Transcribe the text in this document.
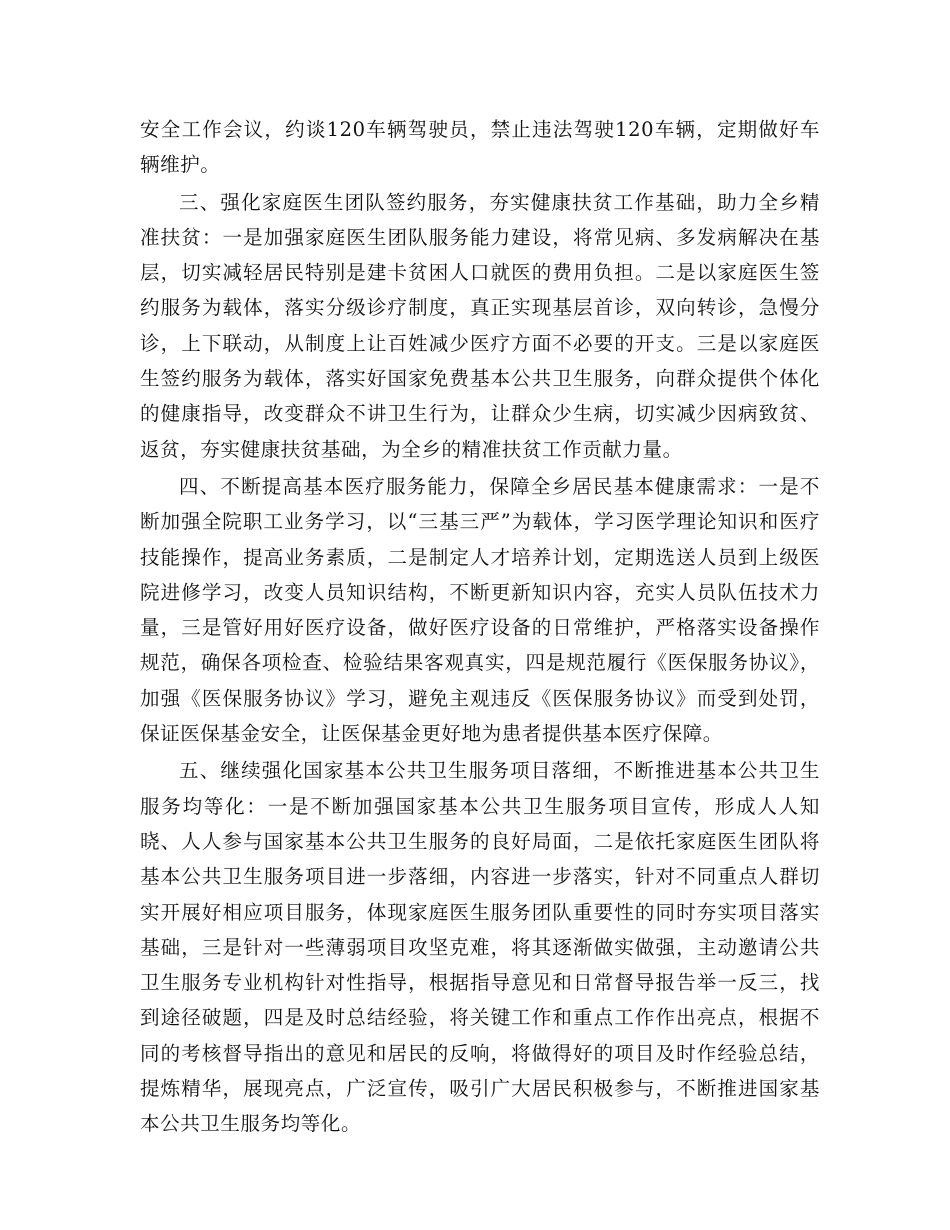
安全工作会议，约谈120车辆驾驶员，禁止违法驾驶120车辆，定期做好车辆维护。

三、强化家庭医生团队签约服务，夯实健康扶贫工作基础，助力全乡精准扶贫：一是加强家庭医生团队服务能力建设，将常见病、多发病解决在基层，切实减轻居民特别是建卡贫困人口就医的费用负担。二是以家庭医生签约服务为载体，落实分级诊疗制度，真正实现基层首诊，双向转诊，急慢分诊，上下联动，从制度上让百姓减少医疗方面不必要的开支。三是以家庭医生签约服务为载体，落实好国家免费基本公共卫生服务，向群众提供个体化的健康指导，改变群众不讲卫生行为，让群众少生病，切实减少因病致贫、返贫，夯实健康扶贫基础，为全乡的精准扶贫工作贡献力量。

四、不断提高基本医疗服务能力，保障全乡居民基本健康需求：一是不断加强全院职工业务学习，以“三基三严”为载体，学习医学理论知识和医疗技能操作，提高业务素质，二是制定人才培养计划，定期选送人员到上级医院进修学习，改变人员知识结构，不断更新知识内容，充实人员队伍技术力量，三是管好用好医疗设备，做好医疗设备的日常维护，严格落实设备操作规范，确保各项检查、检验结果客观真实，四是规范履行《医保服务协议》，加强《医保服务协议》学习，避免主观违反《医保服务协议》而受到处罚，保证医保基金安全，让医保基金更好地为患者提供基本医疗保障。

五、继续强化国家基本公共卫生服务项目落细，不断推进基本公共卫生服务均等化：一是不断加强国家基本公共卫生服务项目宣传，形成人人知晓、人人参与国家基本公共卫生服务的良好局面，二是依托家庭医生团队将基本公共卫生服务项目进一步落细，内容进一步落实，针对不同重点人群切实开展好相应项目服务，体现家庭医生服务团队重要性的同时夯实项目落实基础，三是针对一些薄弱项目攻坚克难，将其逐渐做实做强，主动邀请公共卫生服务专业机构针对性指导，根据指导意见和日常督导报告举一反三，找到途径破题，四是及时总结经验，将关键工作和重点工作作出亮点，根据不同的考核督导指出的意见和居民的反响，将做得好的项目及时作经验总结，提炼精华，展现亮点，广泛宣传，吸引广大居民积极参与，不断推进国家基本公共卫生服务均等化。
